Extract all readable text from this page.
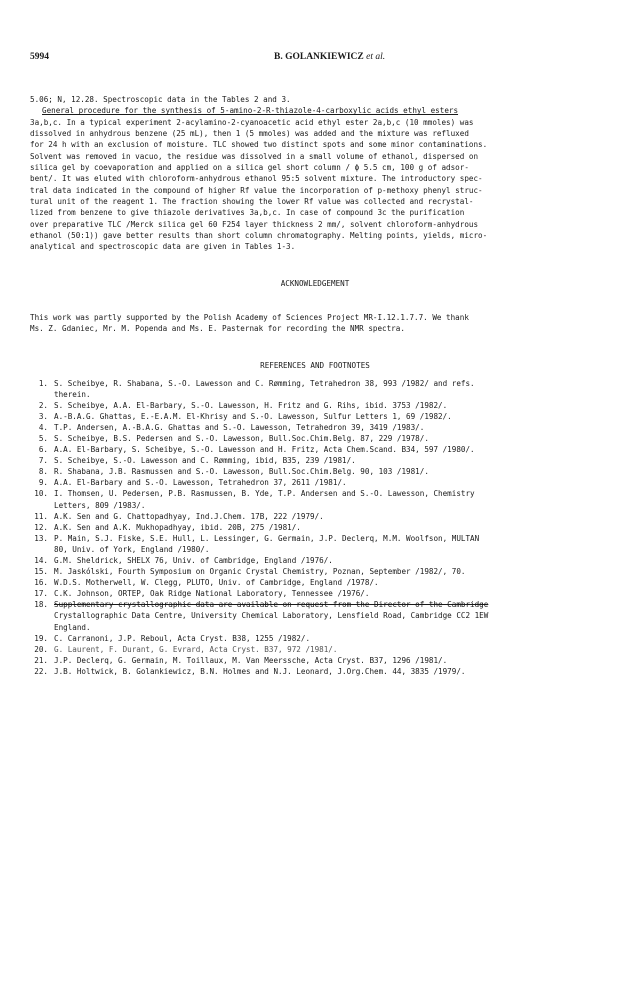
5994	B. GOLANKIEWICZ et al.
5.06; N, 12.28. Spectroscopic data in the Tables 2 and 3.
General procedure for the synthesis of 5-amino-2-R-thiazole-4-carboxylic acids ethyl esters
3a,b,c. In a typical experiment 2-acylamino-2-cyanoacetic acid ethyl ester 2a,b,c (10 mmoles) was
dissolved in anhydrous benzene (25 mL), then 1 (5 mmoles) was added and the mixture was refluxed
for 24 h with an exclusion of moisture. TLC showed two distinct spots and some minor contaminations.
Solvent was removed in vacuo, the residue was dissolved in a small volume of ethanol, dispersed on
silica gel by coevaporation and applied on a silica gel short column / ϕ 5.5 cm, 100 g of adsor-
bent/. It was eluted with chloroform-anhydrous ethanol 95:5 solvent mixture. The introductory spec-
tral data indicated in the compound of higher Rf value the incorporation of p-methoxy phenyl struc-
tural unit of the reagent 1. The fraction showing the lower Rf value was collected and recrystal-
lized from benzene to give thiazole derivatives 3a,b,c. In case of compound 3c the purification
over preparative TLC /Merck silica gel 60 F254 layer thickness 2 mm/, solvent chloroform-anhydrous
ethanol (50:1)) gave better results than short column chromatography. Melting points, yields, micro-
analytical and spectroscopic data are given in Tables 1-3.

ACKNOWLEDGEMENT

This work was partly supported by the Polish Academy of Sciences Project MR-I.12.1.7.7. We thank
Ms. Z. Gdaniec, Mr. M. Popenda and Ms. E. Pasternak for recording the NMR spectra.

REFERENCES AND FOOTNOTES

1. S. Scheibye, R. Shabana, S.-O. Lawesson and C. Rømming, Tetrahedron 38, 993 /1982/ and refs.
therein.
2. S. Scheibye, A.A. El-Barbary, S.-O. Lawesson, H. Fritz and G. Rihs, ibid. 3753 /1982/.
3. A.-B.A.G. Ghattas, E.-E.A.M. El-Khrisy and S.-O. Lawesson, Sulfur Letters 1, 69 /1982/.
4. T.P. Andersen, A.-B.A.G. Ghattas and S.-O. Lawesson, Tetrahedron 39, 3419 /1983/.
5. S. Scheibye, B.S. Pedersen and S.-O. Lawesson, Bull.Soc.Chim.Belg. 87, 229 /1978/.
6. A.A. El-Barbary, S. Scheibye, S.-O. Lawesson and H. Fritz, Acta Chem.Scand. B34, 597 /1980/.
7. S. Scheibye, S.-O. Lawesson and C. Rømming, ibid, B35, 239 /1981/.
8. R. Shabana, J.B. Rasmussen and S.-O. Lawesson, Bull.Soc.Chim.Belg. 90, 103 /1981/.
9. A.A. El-Barbary and S.-O. Lawesson, Tetrahedron 37, 2611 /1981/.
10. I. Thomsen, U. Pedersen, P.B. Rasmussen, B. Yde, T.P. Andersen and S.-O. Lawesson, Chemistry
Letters, 809 /1983/.
11. A.K. Sen and G. Chattopadhyay, Ind.J.Chem. 17B, 222 /1979/.
12. A.K. Sen and A.K. Mukhopadhyay, ibid. 20B, 275 /1981/.
13. P. Main, S.J. Fiske, S.E. Hull, L. Lessinger, G. Germain, J.P. Declerq, M.M. Woolfson, MULTAN
80, Univ. of York, England /1980/.
14. G.M. Sheldrick, SHELX 76, Univ. of Cambridge, England /1976/.
15. M. Jaskólski, Fourth Symposium on Organic Crystal Chemistry, Poznan, September /1982/, 70.
16. W.D.S. Motherwell, W. Clegg, PLUTO, Univ. of Cambridge, England /1978/.
17. C.K. Johnson, ORTEP, Oak Ridge National Laboratory, Tennessee /1976/.
18. Supplementary crystallographic data are available on request from the Director of the Cambridge
Crystallographic Data Centre, University Chemical Laboratory, Lensfield Road, Cambridge CC2 1EW
England.
19. C. Carranoni, J.P. Reboul, Acta Cryst. B38, 1255 /1982/.
20. G. Laurent, F. Durant, G. Evrard, Acta Cryst. B37, 972 /1981/.
21. J.P. Declerq, G. Germain, M. Toillaux, M. Van Meerssche, Acta Cryst. B37, 1296 /1981/.
22. J.B. Holtwick, B. Golankiewicz, B.N. Holmes and N.J. Leonard, J.Org.Chem. 44, 3835 /1979/.
